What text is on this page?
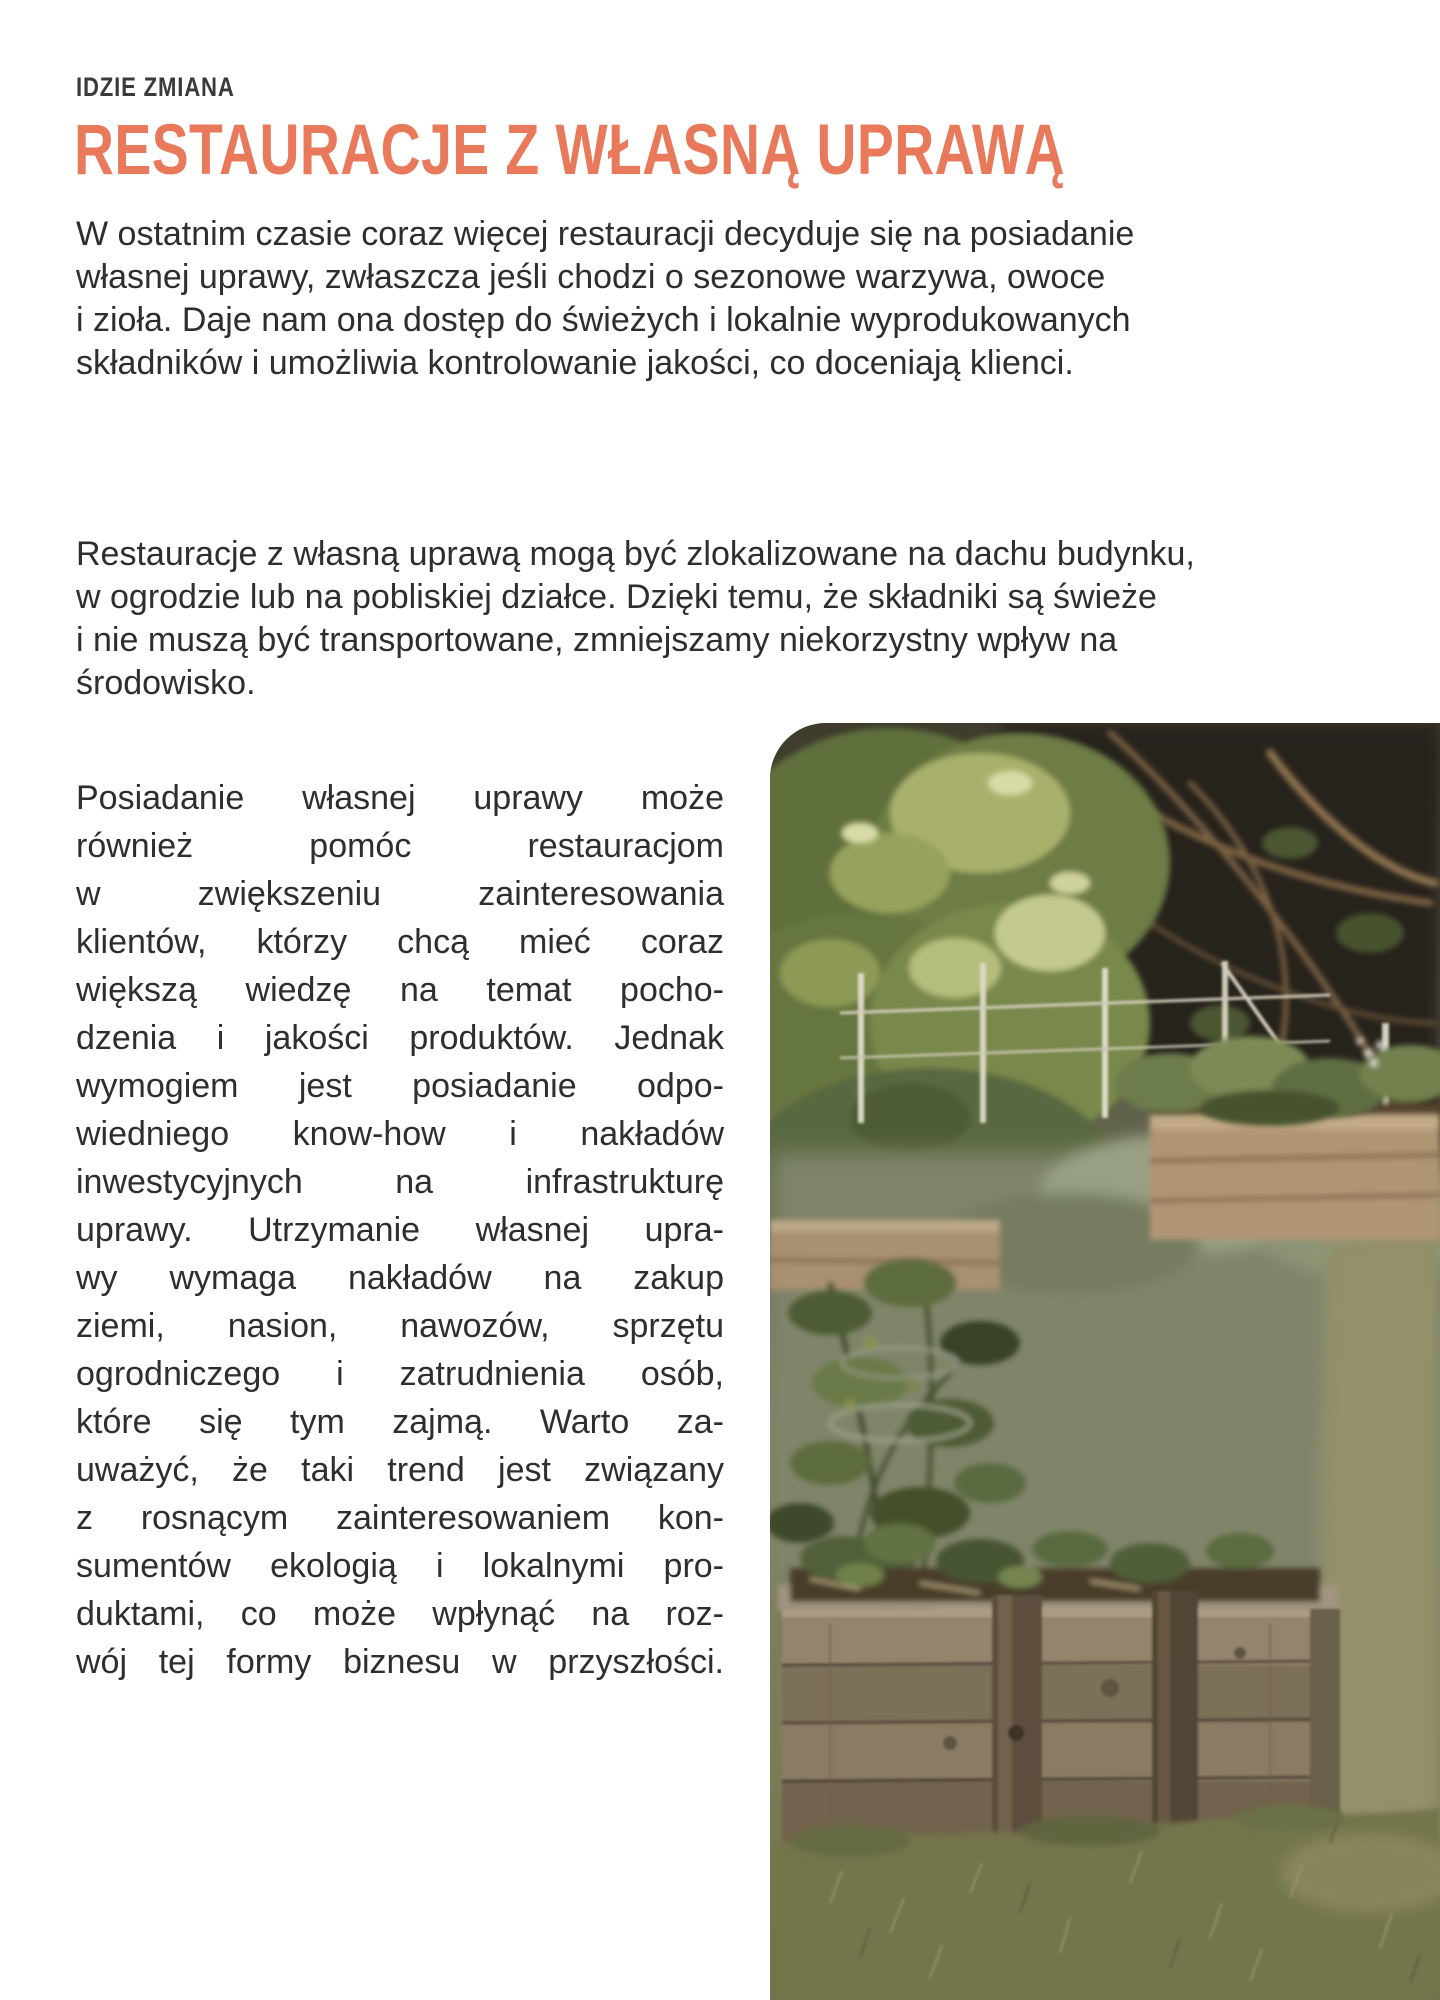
IDZIE ZMIANA
RESTAURACJE Z WŁASNĄ UPRAWĄ
W ostatnim czasie coraz więcej restauracji decyduje się na posiadanie
własnej uprawy, zwłaszcza jeśli chodzi o sezonowe warzywa, owoce
i zioła. Daje nam ona dostęp do świeżych i lokalnie wyprodukowanych
składników i umożliwia kontrolowanie jakości, co doceniają klienci.
Restauracje z własną uprawą mogą być zlokalizowane na dachu budynku,
w ogrodzie lub na pobliskiej działce. Dzięki temu, że składniki są świeże
i nie muszą być transportowane, zmniejszamy niekorzystny wpływ na
środowisko.
Posiadanie własnej uprawy może
również pomóc restauracjom
w zwiększeniu zainteresowania
klientów, którzy chcą mieć coraz
większą wiedzę na temat pocho-
dzenia i jakości produktów. Jednak
wymogiem jest posiadanie odpo-
wiedniego know-how i nakładów
inwestycyjnych na infrastrukturę
uprawy. Utrzymanie własnej upra-
wy wymaga nakładów na zakup
ziemi, nasion, nawozów, sprzętu
ogrodniczego i zatrudnienia osób,
które się tym zajmą. Warto za-
uważyć, że taki trend jest związany
z rosnącym zainteresowaniem kon-
sumentów ekologią i lokalnymi pro-
duktami, co może wpłynąć na roz-
wój tej formy biznesu w przyszłości.
